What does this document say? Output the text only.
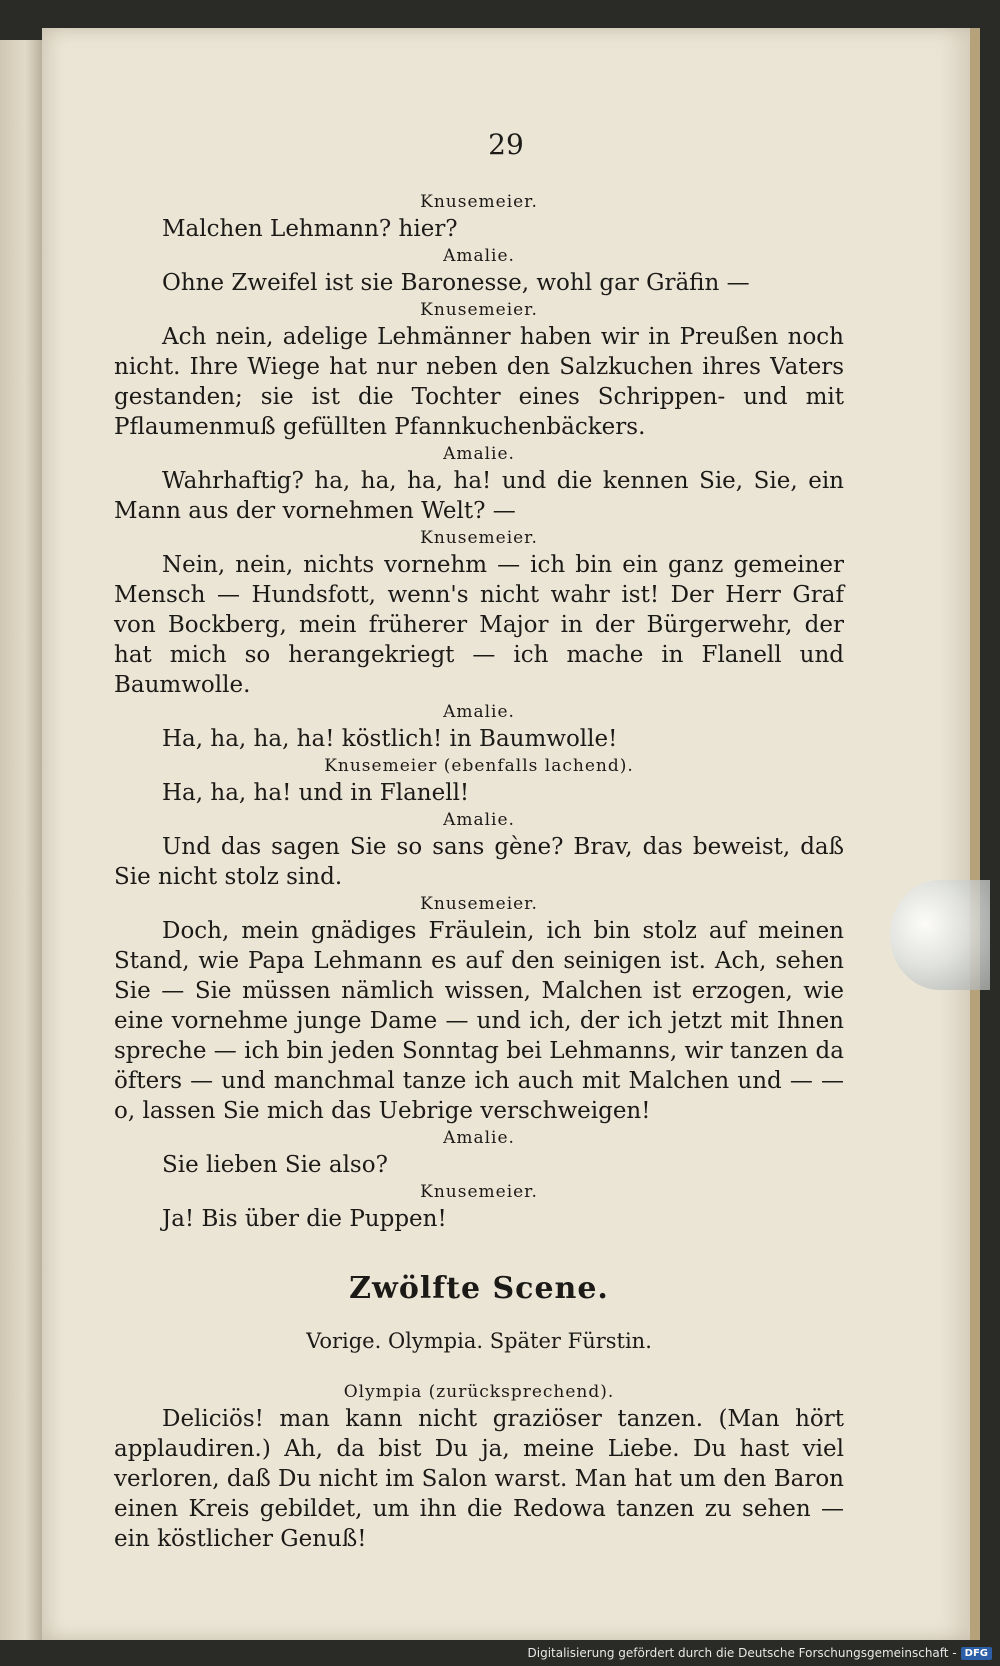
29

Knusemeier.

Malchen Lehmann? hier?

Amalie.

Ohne Zweifel ist sie Baronesse, wohl gar Gräfin —

Knusemeier.

Ach nein, adelige Lehmänner haben wir in Preußen noch nicht. Ihre Wiege hat nur neben den Salzkuchen ihres Vaters gestanden; sie ist die Tochter eines Schrippen- und mit Pflaumenmuß gefüllten Pfannkuchenbäckers.

Amalie.

Wahrhaftig? ha, ha, ha, ha! und die kennen Sie, Sie, ein Mann aus der vornehmen Welt? —

Knusemeier.

Nein, nein, nichts vornehm — ich bin ein ganz gemeiner Mensch — Hundsfott, wenn's nicht wahr ist! Der Herr Graf von Bockberg, mein früherer Major in der Bürgerwehr, der hat mich so herangekriegt — ich mache in Flanell und Baumwolle.

Amalie.

Ha, ha, ha, ha! köstlich! in Baumwolle!

Knusemeier (ebenfalls lachend).

Ha, ha, ha! und in Flanell!

Amalie.

Und das sagen Sie so sans gène? Brav, das beweist, daß Sie nicht stolz sind.

Knusemeier.

Doch, mein gnädiges Fräulein, ich bin stolz auf meinen Stand, wie Papa Lehmann es auf den seinigen ist. Ach, sehen Sie — Sie müssen nämlich wissen, Malchen ist erzogen, wie eine vornehme junge Dame — und ich, der ich jetzt mit Ihnen spreche — ich bin jeden Sonntag bei Lehmanns, wir tanzen da öfters — und manchmal tanze ich auch mit Malchen und — — o, lassen Sie mich das Uebrige verschweigen!

Amalie.

Sie lieben Sie also?

Knusemeier.

Ja! Bis über die Puppen!

Zwölfte Scene.
Vorige. Olympia. Später Fürstin.

Olympia (zurücksprechend).

Deliciös! man kann nicht graziöser tanzen. (Man hört applaudiren.) Ah, da bist Du ja, meine Liebe. Du hast viel verloren, daß Du nicht im Salon warst. Man hat um den Baron einen Kreis gebildet, um ihn die Redowa tanzen zu sehen — ein köstlicher Genuß!

Digitalisierung gefördert durch die Deutsche Forschungsgemeinschaft - DFG
